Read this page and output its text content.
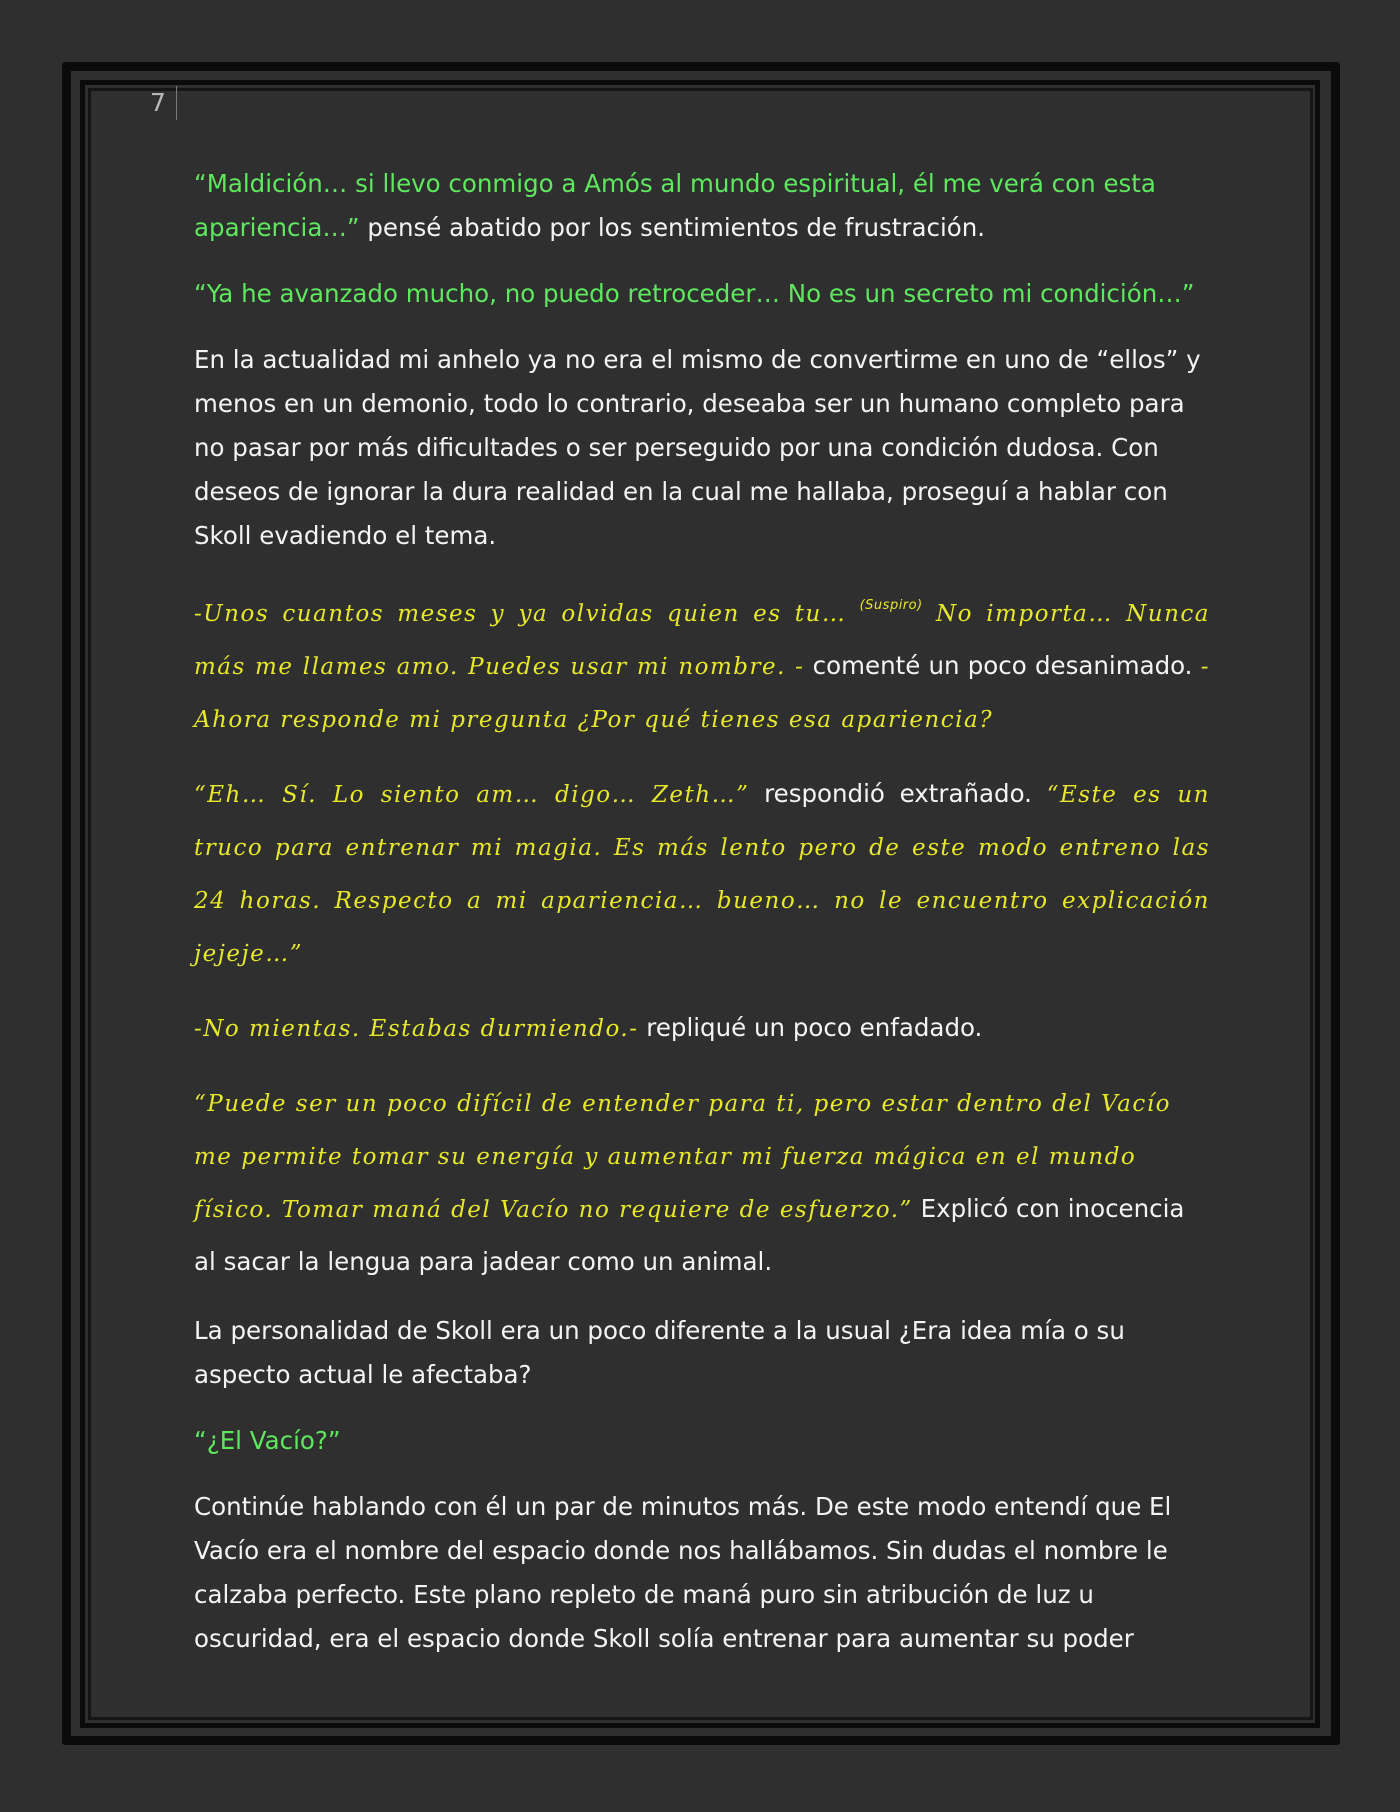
7

“Maldición… si llevo conmigo a Amós al mundo espiritual, él me verá con esta apariencia…” pensé abatido por los sentimientos de frustración.

“Ya he avanzado mucho, no puedo retroceder… No es un secreto mi condición…”

En la actualidad mi anhelo ya no era el mismo de convertirme en uno de “ellos” y menos en un demonio, todo lo contrario, deseaba ser un humano completo para no pasar por más dificultades o ser perseguido por una condición dudosa. Con deseos de ignorar la dura realidad en la cual me hallaba, proseguí a hablar con Skoll evadiendo el tema.

-Unos cuantos meses y ya olvidas quien es tu… $^{(Suspiro)}$ No importa… Nunca más me llames amo. Puedes usar mi nombre. - comenté un poco desanimado. - Ahora responde mi pregunta ¿Por qué tienes esa apariencia?

“Eh… Sí. Lo siento am… digo… Zeth…” respondió extrañado. “Este es un truco para entrenar mi magia. Es más lento pero de este modo entreno las 24 horas. Respecto a mi apariencia… bueno… no le encuentro explicación jejeje…”

-No mientas. Estabas durmiendo.- repliqué un poco enfadado.

“Puede ser un poco difícil de entender para ti, pero estar dentro del Vacío me permite tomar su energía y aumentar mi fuerza mágica en el mundo físico. Tomar maná del Vacío no requiere de esfuerzo.” Explicó con inocencia al sacar la lengua para jadear como un animal.

La personalidad de Skoll era un poco diferente a la usual ¿Era idea mía o su aspecto actual le afectaba?

“¿El Vacío?”

Continúe hablando con él un par de minutos más. De este modo entendí que El Vacío era el nombre del espacio donde nos hallábamos. Sin dudas el nombre le calzaba perfecto. Este plano repleto de maná puro sin atribución de luz u oscuridad, era el espacio donde Skoll solía entrenar para aumentar su poder
